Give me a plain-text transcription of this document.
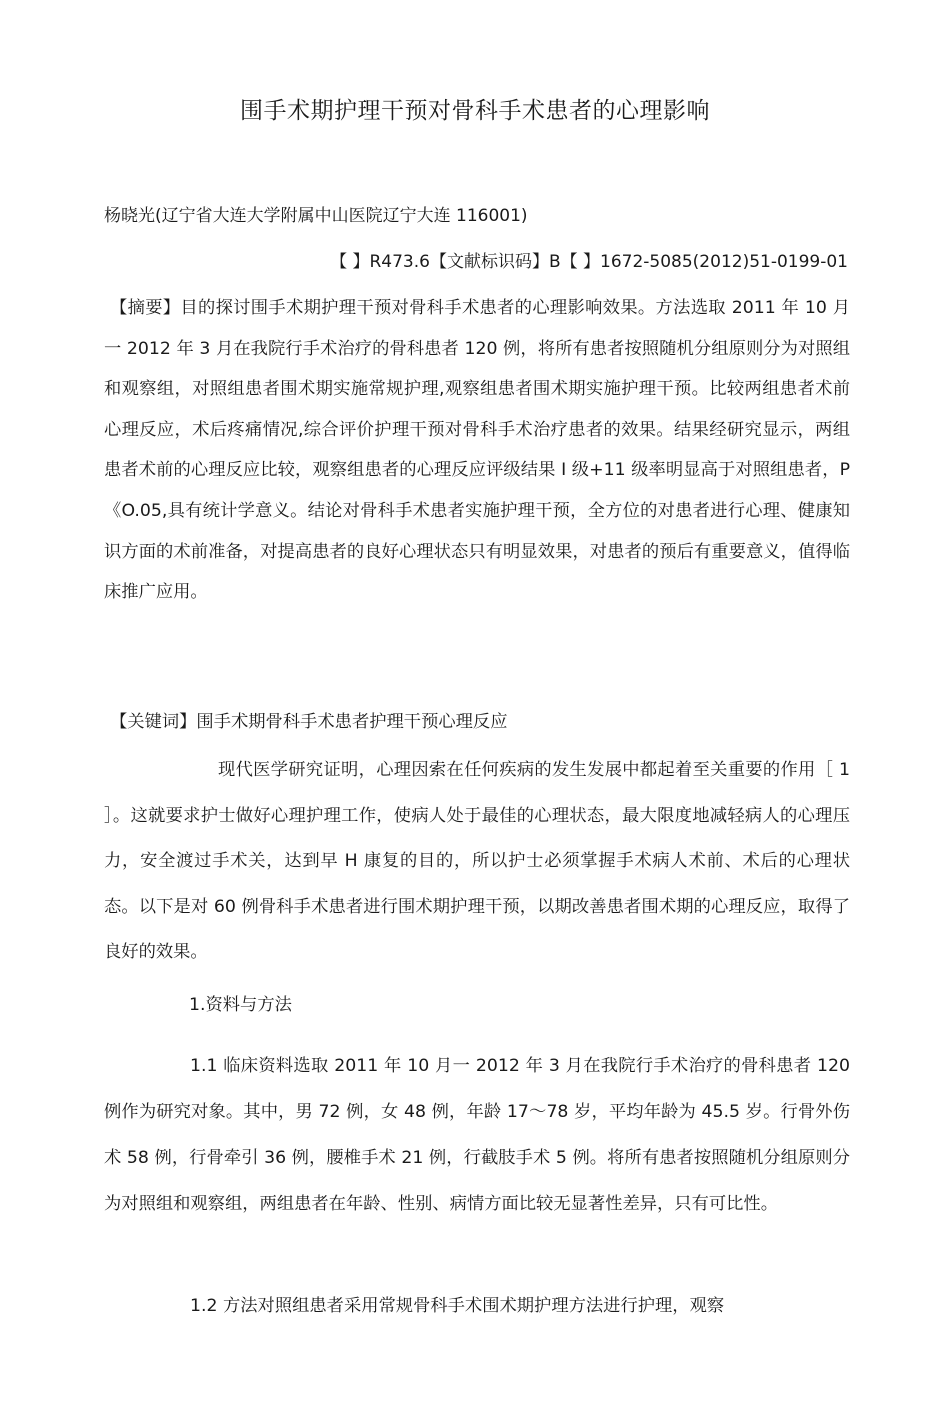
围手术期护理干预对骨科手术患者的心理影响
杨晓光(辽宁省大连大学附属中山医院辽宁大连 116001)
【 】R473.6【文献标识码】B【 】1672-5085(2012)51-0199-01
【摘要】目的探讨围手术期护理干预对骨科手术患者的心理影响效果。方法选取 2011 年 10 月一 2012 年 3 月在我院行手术治疗的骨科患者 120 例，将所有患者按照随机分组原则分为对照组和观察组，对照组患者围术期实施常规护理,观察组患者围术期实施护理干预。比较两组患者术前心理反应，术后疼痛情况,综合评价护理干预对骨科手术治疗患者的效果。结果经研究显示，两组患者术前的心理反应比较，观察组患者的心理反应评级结果 I 级+11 级率明显高于对照组患者，P《O.05,具有统计学意义。结论对骨科手术患者实施护理干预，全方位的对患者进行心理、健康知识方面的术前准备，对提高患者的良好心理状态只有明显效果，对患者的预后有重要意义，值得临床推广应用。
【关键词】围手术期骨科手术患者护理干预心理反应
现代医学研究证明，心理因索在任何疾病的发生发展中都起着至关重要的作用［ 1 ］。这就要求护士做好心理护理工作，使病人处于最佳的心理状态，最大限度地减轻病人的心理压力，安全渡过手术关，达到早 H 康复的目的，所以护士必须掌握手术病人术前、术后的心理状态。以下是对 60 例骨科手术患者进行围术期护理干预，以期改善患者围术期的心理反应，取得了良好的效果。
1.资料与方法
1.1 临床资料选取 2011 年 10 月一 2012 年 3 月在我院行手术治疗的骨科患者 120 例作为研究对象。其中，男 72 例，女 48 例，年龄 17〜78 岁，平均年龄为 45.5 岁。行骨外伤术 58 例，行骨牵引 36 例，腰椎手术 21 例，行截肢手术 5 例。将所有患者按照随机分组原则分为对照组和观察组，两组患者在年龄、性别、病情方面比较无显著性差异，只有可比性。
1.2 方法对照组患者采用常规骨科手术围术期护理方法进行护理，观察
